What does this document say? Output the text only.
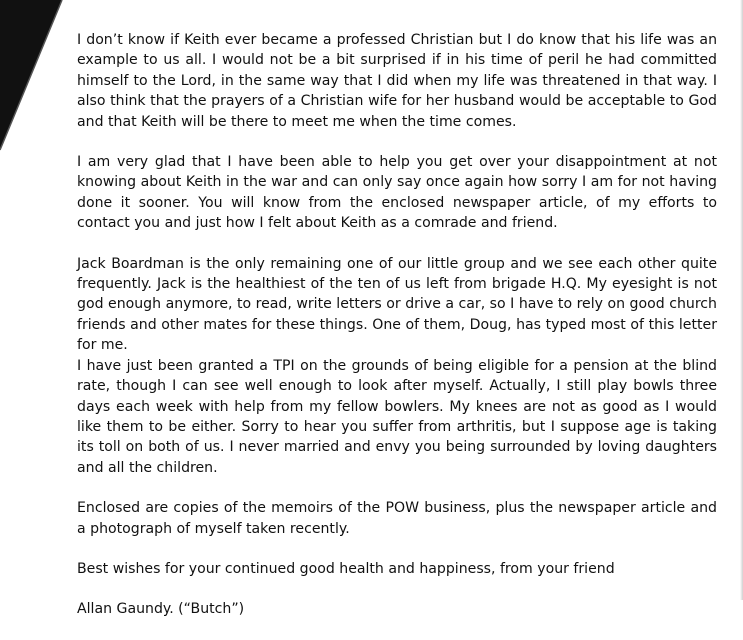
I don’t know if Keith ever became a professed Christian but I do know that his life was an example to us all. I would not be a bit surprised if in his time of peril he had committed himself to the Lord, in the same way that I did when my life was threatened in that way. I also think that the prayers of a Christian wife for her husband would be acceptable to God and that Keith will be there to meet me when the time comes.

I am very glad that I have been able to help you get over your disappointment at not knowing about Keith in the war and can only say once again how sorry I am for not having done it sooner. You will know from the enclosed newspaper article, of my efforts to contact you and just how I felt about Keith as a comrade and friend.

Jack Boardman is the only remaining one of our little group and we see each other quite frequently. Jack is the healthiest of the ten of us left from brigade H.Q. My eyesight is not god enough anymore, to read, write letters or drive a car, so I have to rely on good church friends and other mates for these things. One of them, Doug, has typed most of this letter for me.

I have just been granted a TPI on the grounds of being eligible for a pension at the blind rate, though I can see well enough to look after myself. Actually, I still play bowls three days each week with help from my fellow bowlers. My knees are not as good as I would like them to be either. Sorry to hear you suffer from arthritis, but I suppose age is taking its toll on both of us. I never married and envy you being surrounded by loving daughters and all the children.

Enclosed are copies of the memoirs of the POW business, plus the newspaper article and a photograph of myself taken recently.

Best wishes for your continued good health and happiness, from your friend

Allan Gaundy. (“Butch”)
